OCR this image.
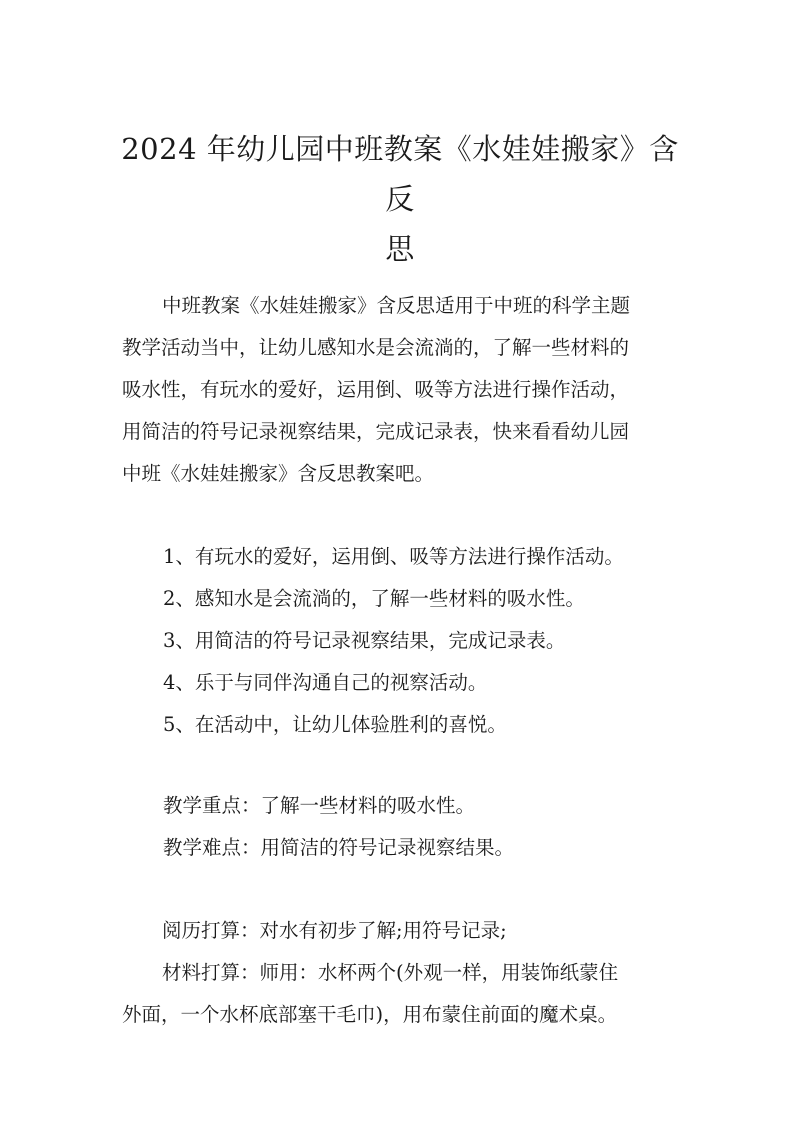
2024 年幼儿园中班教案《水娃娃搬家》含反
思
中班教案《水娃娃搬家》含反思适用于中班的科学主题
教学活动当中，让幼儿感知水是会流淌的，了解一些材料的
吸水性，有玩水的爱好，运用倒、吸等方法进行操作活动，
用简洁的符号记录视察结果，完成记录表，快来看看幼儿园
中班《水娃娃搬家》含反思教案吧。
1、有玩水的爱好，运用倒、吸等方法进行操作活动。
2、感知水是会流淌的，了解一些材料的吸水性。
3、用简洁的符号记录视察结果，完成记录表。
4、乐于与同伴沟通自己的视察活动。
5、在活动中，让幼儿体验胜利的喜悦。
教学重点：了解一些材料的吸水性。
教学难点：用简洁的符号记录视察结果。
阅历打算：对水有初步了解;用符号记录;
材料打算：师用：水杯两个(外观一样，用装饰纸蒙住
外面，一个水杯底部塞干毛巾)，用布蒙住前面的魔术桌。
